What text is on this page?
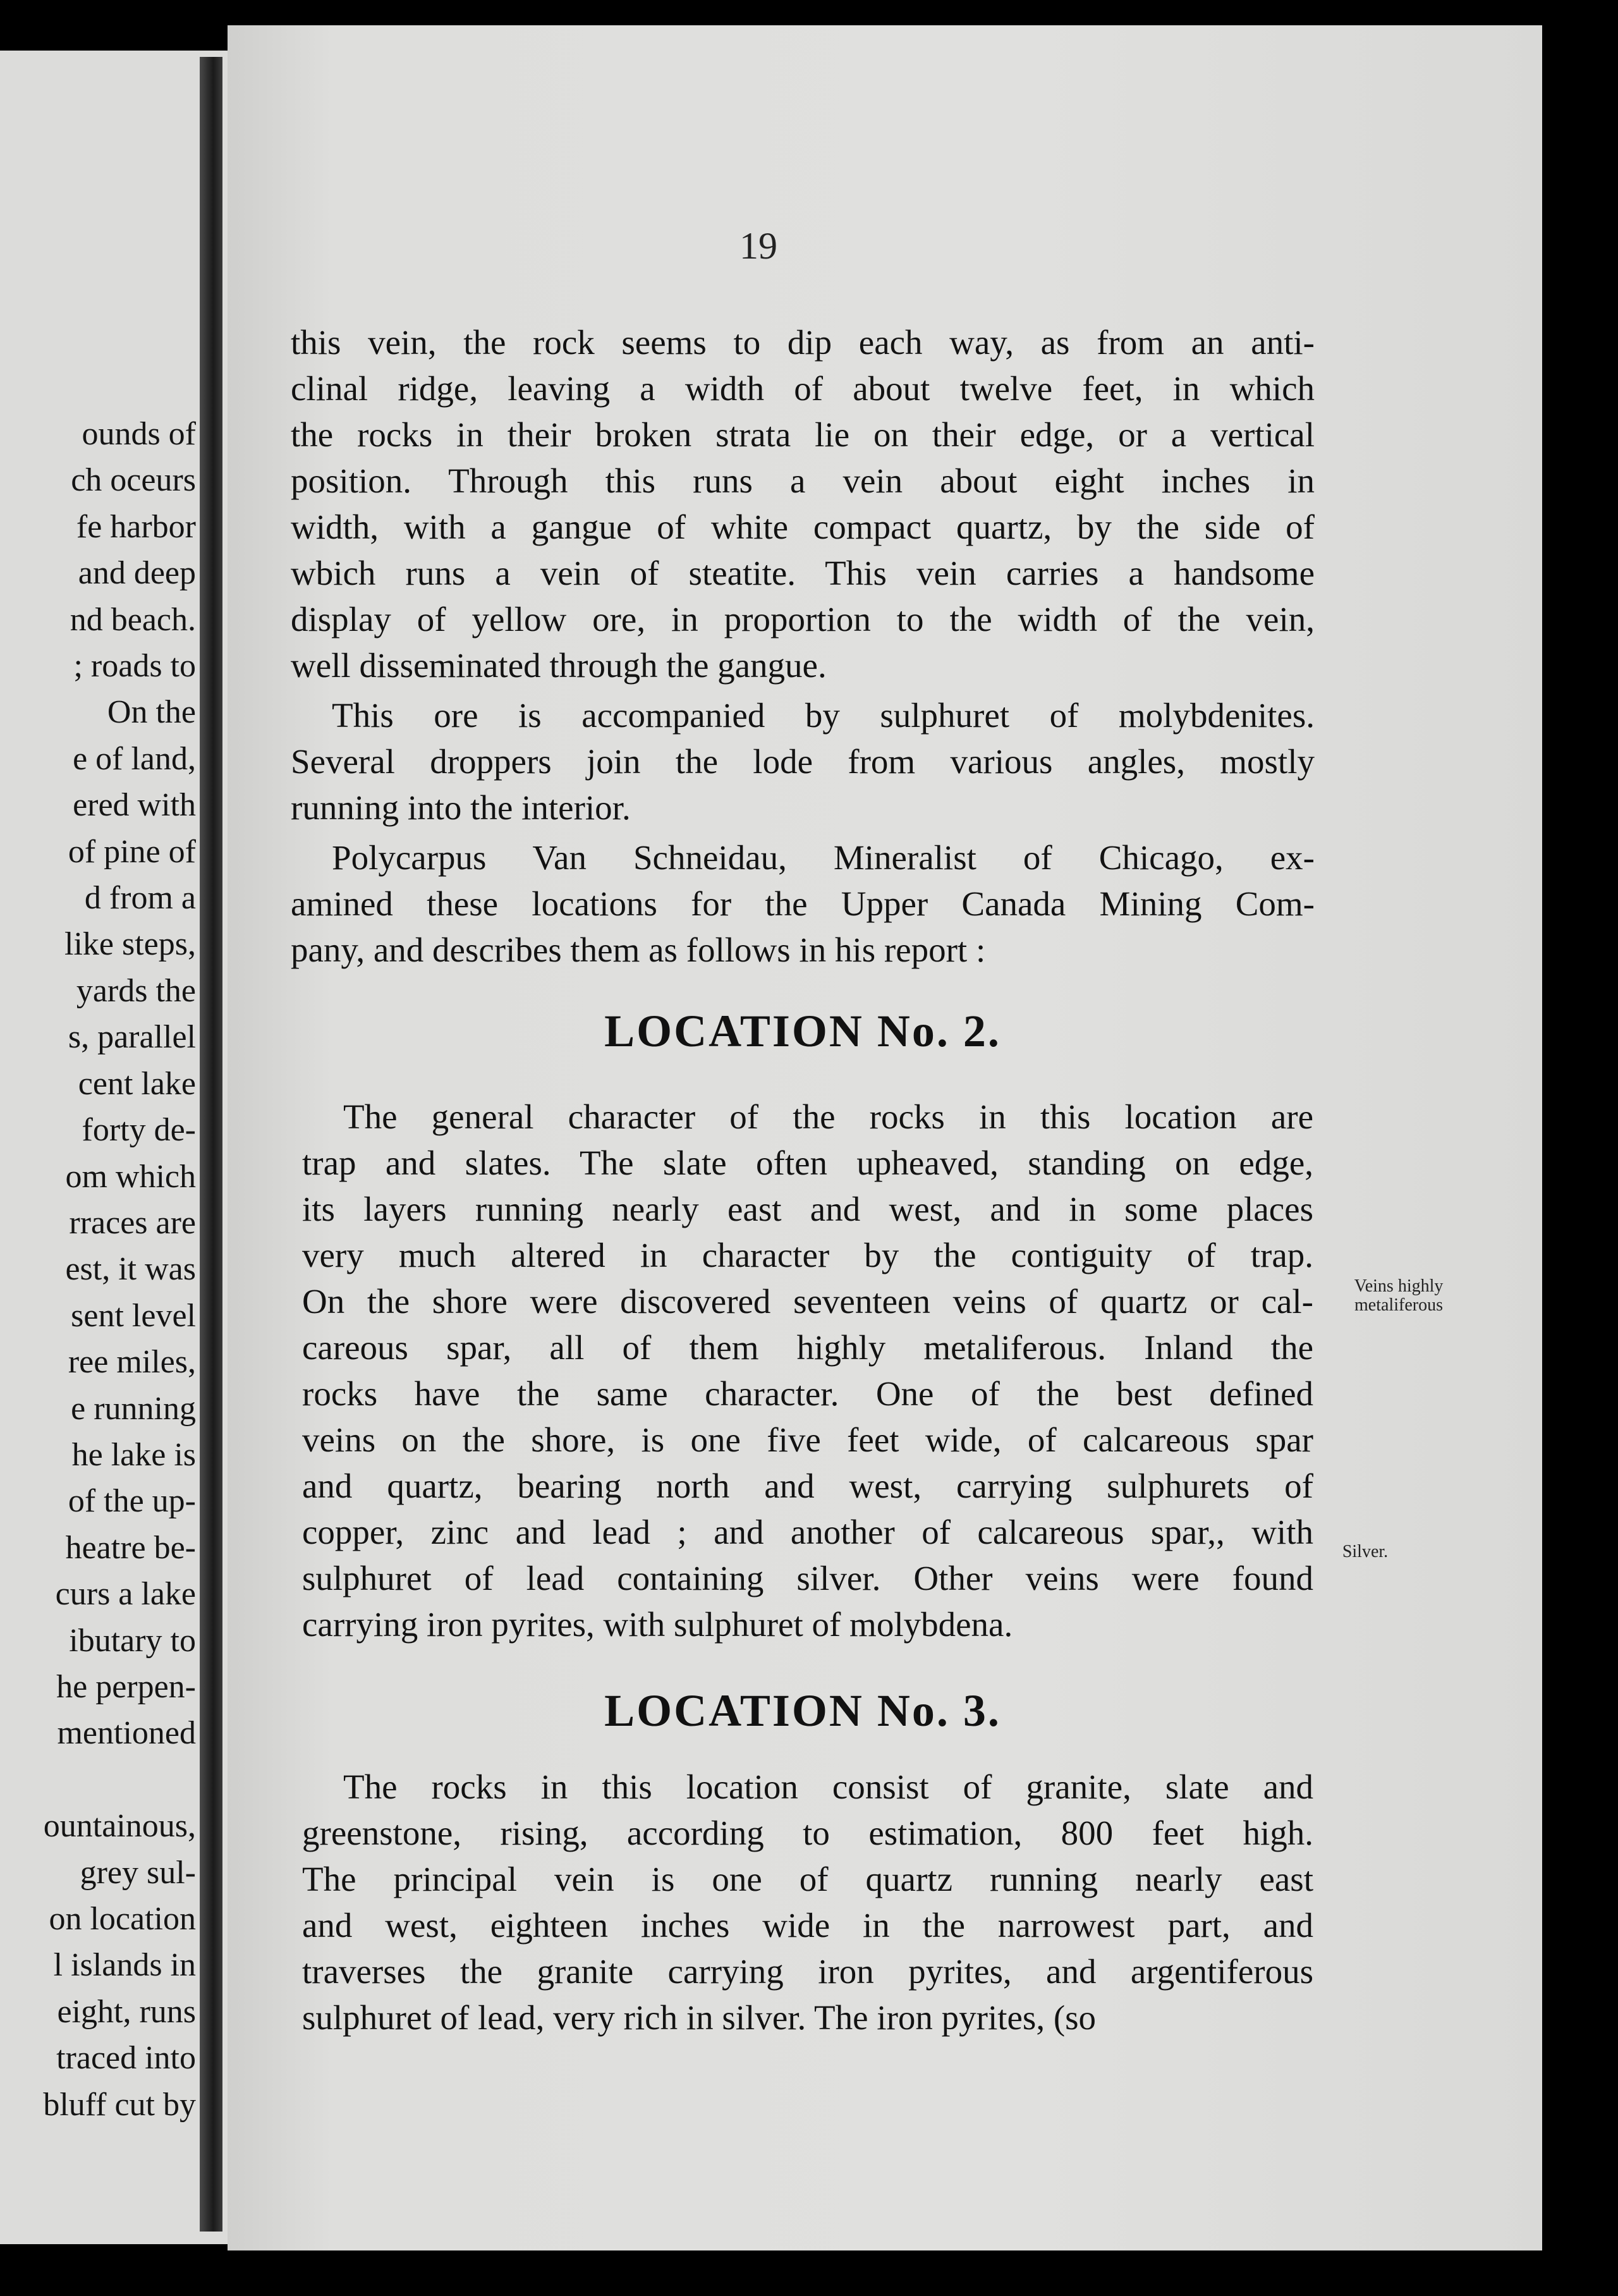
ounds of
ch oceurs
fe harbor
and deep
nd beach.
; roads to
On the
e of land,
ered with
of pine of
d from a
like steps,
yards the
s, parallel
cent lake
forty de-
om which
rraces are
est, it was
sent level
ree miles,
e running
he lake is
of the up-
heatre be-
curs a lake
ibutary to
he perpen-
mentioned

ountainous,
grey sul-
on location
l islands in
eight, runs
traced into
bluff cut by

19

this vein, the rock seems to dip each way, as from an anti-

clinal ridge, leaving a width of about twelve feet, in which

the rocks in their broken strata lie on their edge, or a vertical

position. Through this runs a vein about eight inches in

width, with a gangue of white compact quartz, by the side of

wbich runs a vein of steatite. This vein carries a handsome

display of yellow ore, in proportion to the width of the vein,

well disseminated through the gangue.

This ore is accompanied by sulphuret of molybdenites.

Several droppers join the lode from various angles, mostly

running into the interior.

Polycarpus Van Schneidau, Mineralist of Chicago, ex-

amined these locations for the Upper Canada Mining Com-

pany, and describes them as follows in his report :

LOCATION No. 2.

The general character of the rocks in this location are

trap and slates. The slate often upheaved, standing on edge,

its layers running nearly east and west, and in some places

very much altered in character by the contiguity of trap.

On the shore were discovered seventeen veins of quartz or cal-

careous spar, all of them highly metaliferous. Inland the

rocks have the same character. One of the best defined

veins on the shore, is one five feet wide, of calcareous spar

and quartz, bearing north and west, carrying sulphurets of

copper, zinc and lead ; and another of calcareous spar,, with

sulphuret of lead containing silver. Other veins were found

carrying iron pyrites, with sulphuret of molybdena.

Veins highly
metaliferous
Silver.
LOCATION No. 3.

The rocks in this location consist of granite, slate and

greenstone, rising, according to estimation, 800 feet high.

The principal vein is one of quartz running nearly east

and west, eighteen inches wide in the narrowest part, and

traverses the granite carrying iron pyrites, and argentiferous

sulphuret of lead, very rich in silver. The iron pyrites, (so
